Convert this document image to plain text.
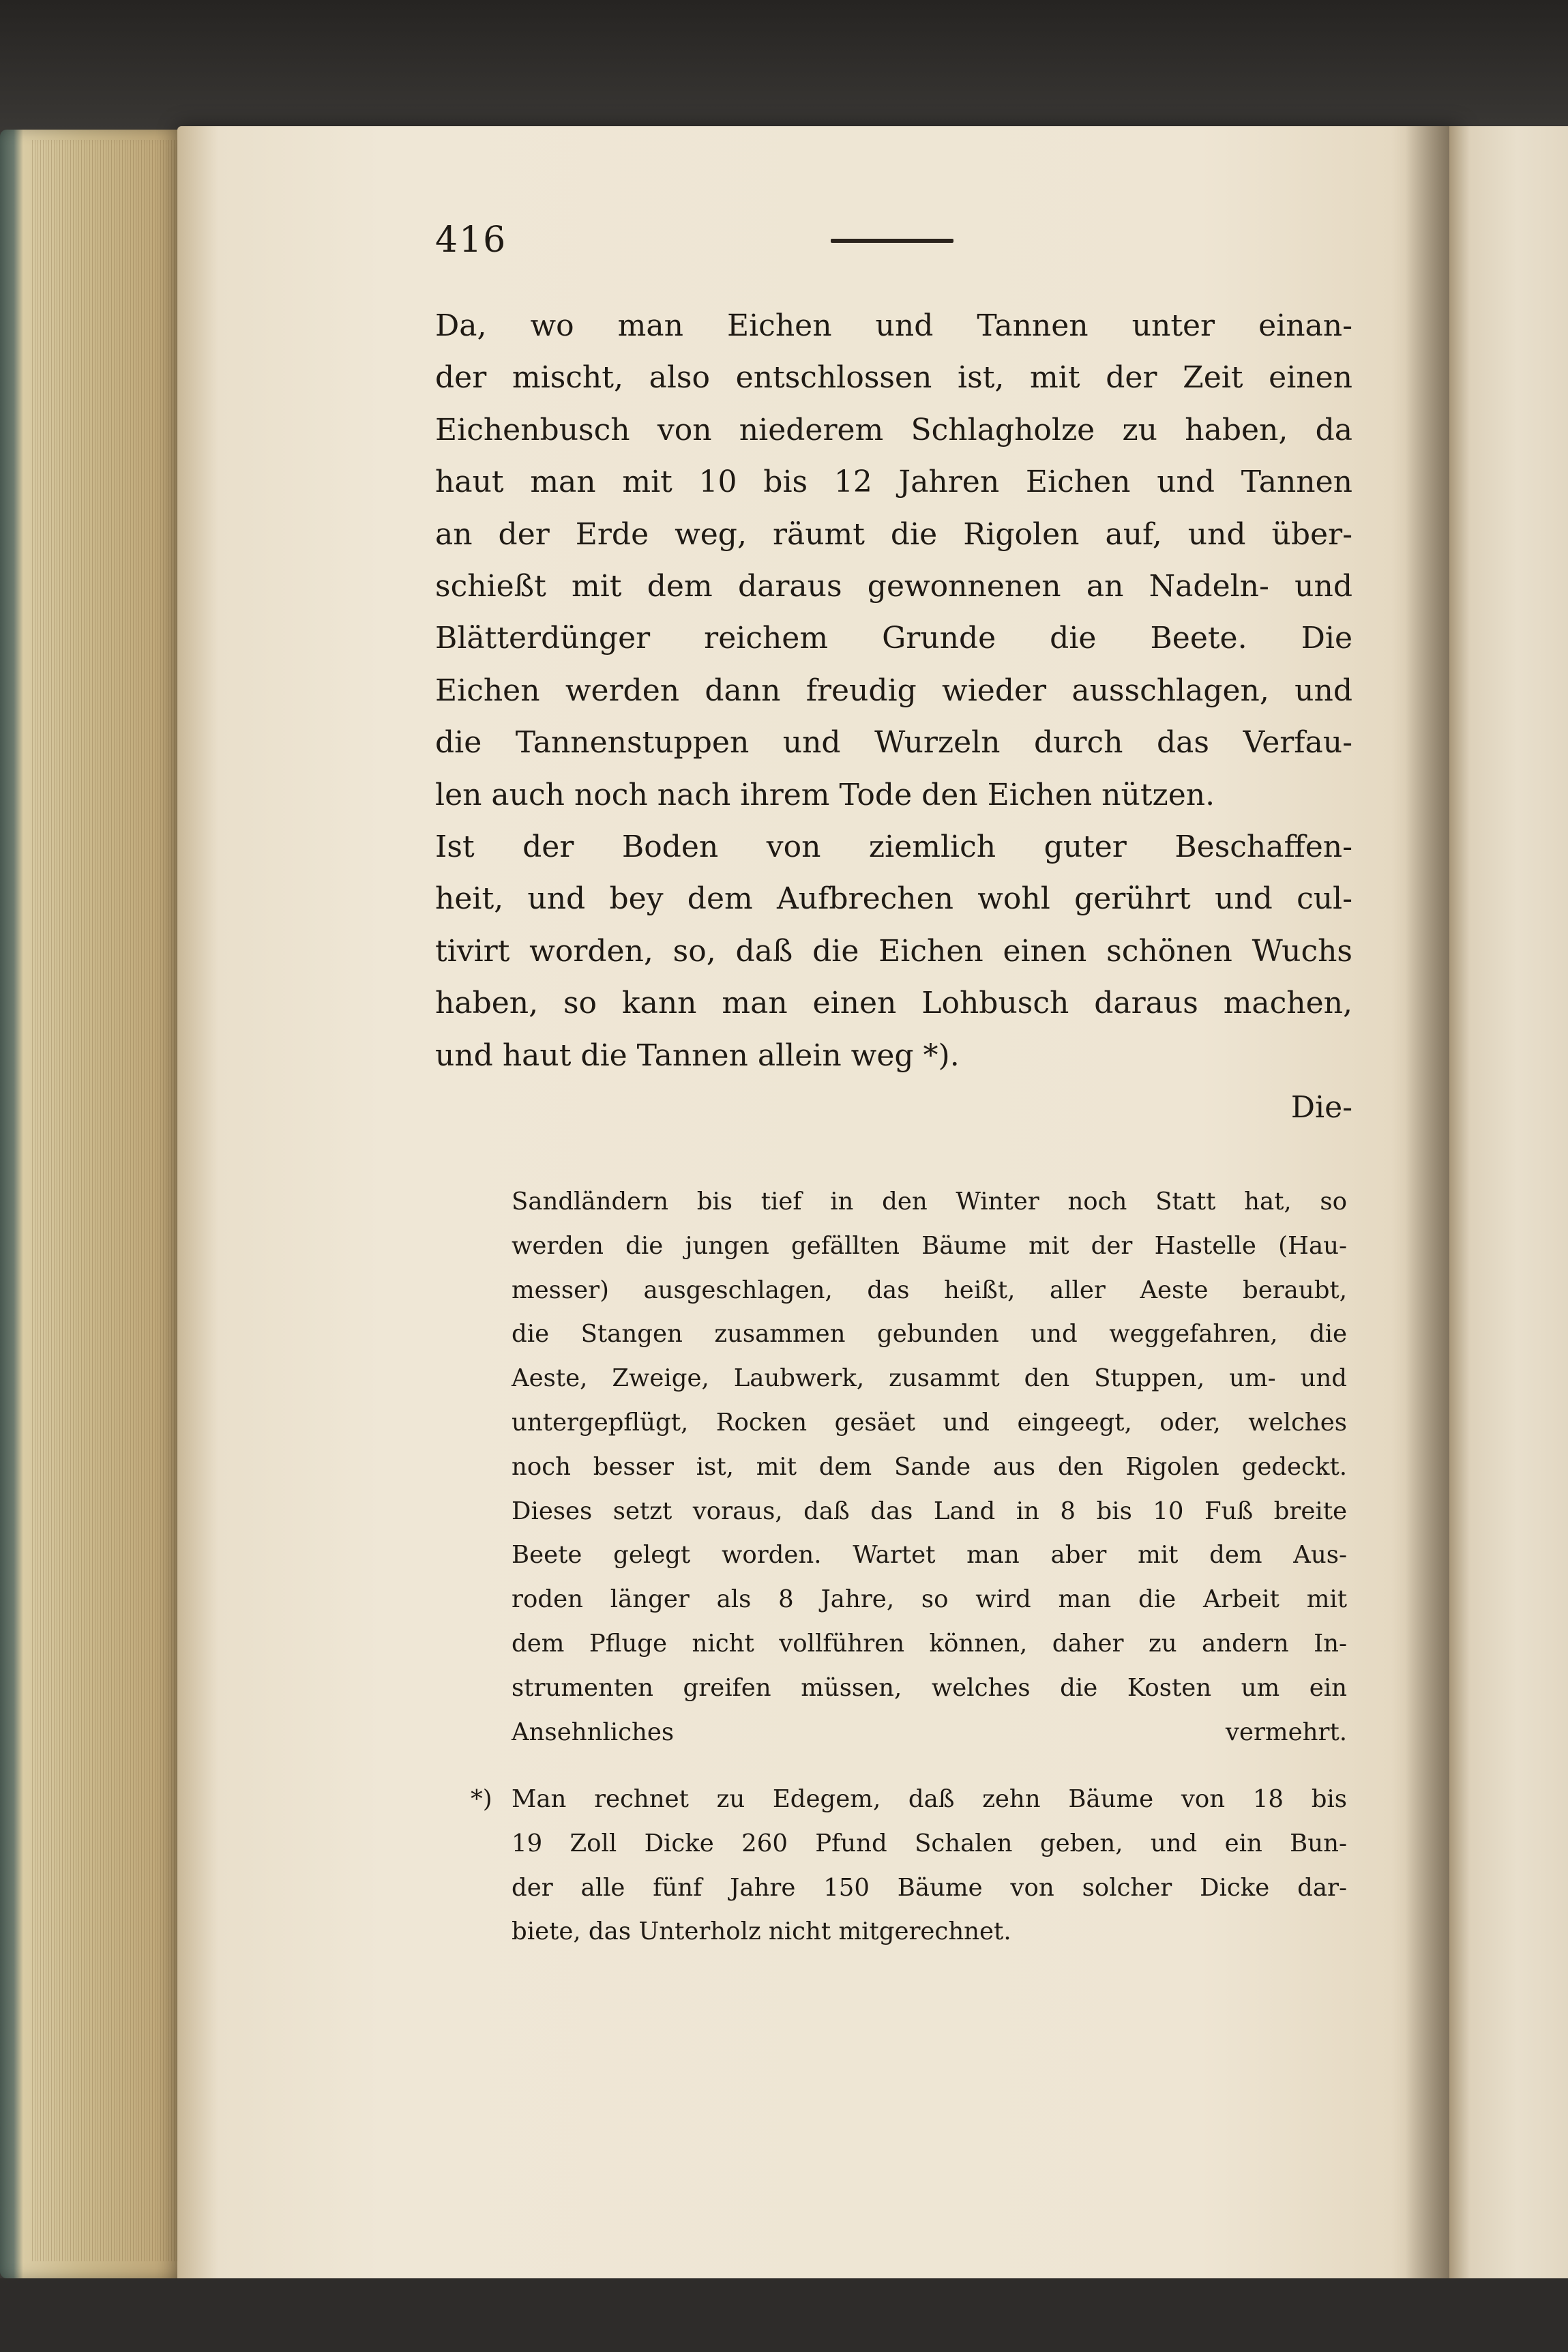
416
Da, wo man Eichen und Tannen unter einan-
der mischt, also entschlossen ist, mit der Zeit einen
Eichenbusch von niederem Schlagholze zu haben, da
haut man mit 10 bis 12 Jahren Eichen und Tannen
an der Erde weg, räumt die Rigolen auf, und über-
schießt mit dem daraus gewonnenen an Nadeln- und
Blätterdünger reichem Grunde die Beete. Die
Eichen werden dann freudig wieder ausschlagen, und
die Tannenstuppen und Wurzeln durch das Verfau-
len auch noch nach ihrem Tode den Eichen nützen.
Ist der Boden von ziemlich guter Beschaffen-
heit, und bey dem Aufbrechen wohl gerührt und cul-
tivirt worden, so, daß die Eichen einen schönen Wuchs
haben, so kann man einen Lohbusch daraus machen,
und haut die Tannen allein weg *).
Die-
Sandländern bis tief in den Winter noch Statt hat, so
werden die jungen gefällten Bäume mit der Hastelle (Hau-
messer) ausgeschlagen, das heißt, aller Aeste beraubt,
die Stangen zusammen gebunden und weggefahren, die
Aeste, Zweige, Laubwerk, zusammt den Stuppen, um- und
untergepflügt, Rocken gesäet und eingeegt, oder, welches
noch besser ist, mit dem Sande aus den Rigolen gedeckt.
Dieses setzt voraus, daß das Land in 8 bis 10 Fuß breite
Beete gelegt worden. Wartet man aber mit dem Aus-
roden länger als 8 Jahre, so wird man die Arbeit mit
dem Pfluge nicht vollführen können, daher zu andern In-
strumenten greifen müssen, welches die Kosten um ein
Ansehnliches vermehrt.
*) Man rechnet zu Edegem, daß zehn Bäume von 18 bis
19 Zoll Dicke 260 Pfund Schalen geben, und ein Bun-
der alle fünf Jahre 150 Bäume von solcher Dicke dar-
biete, das Unterholz nicht mitgerechnet.
